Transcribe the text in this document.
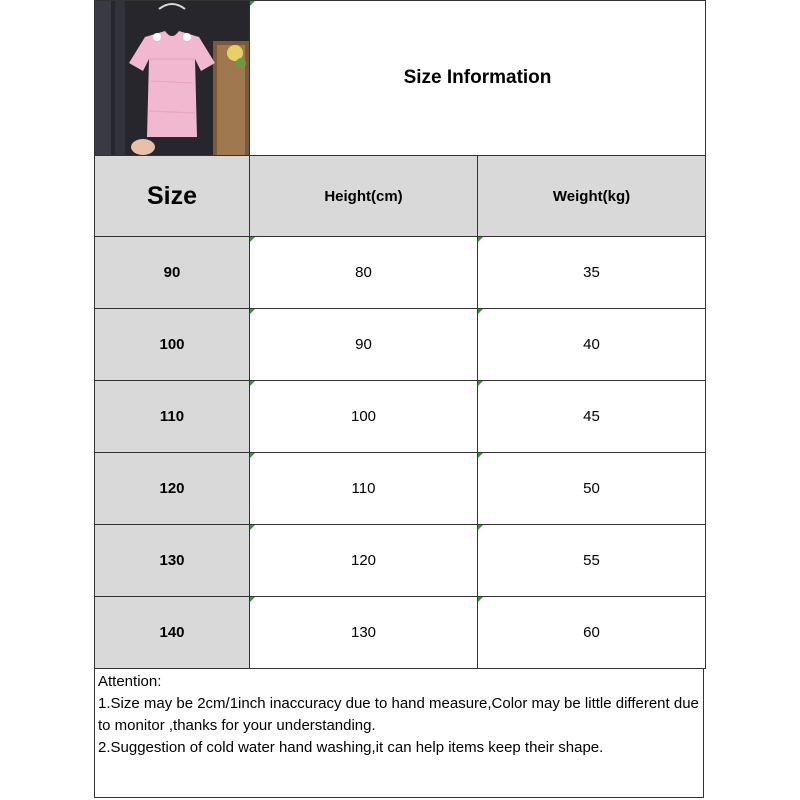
	Size Information	
Size	Height(cm)	Weight(kg)
90	80	35
100	90	40
110	100	45
120	110	50
130	120	55
140	130	60
Attention:
1.Size may be 2cm/1inch inaccuracy due to hand measure,Color may be little different due to monitor ,thanks for your understanding.
2.Suggestion of cold water hand washing,it can help items keep their shape.
